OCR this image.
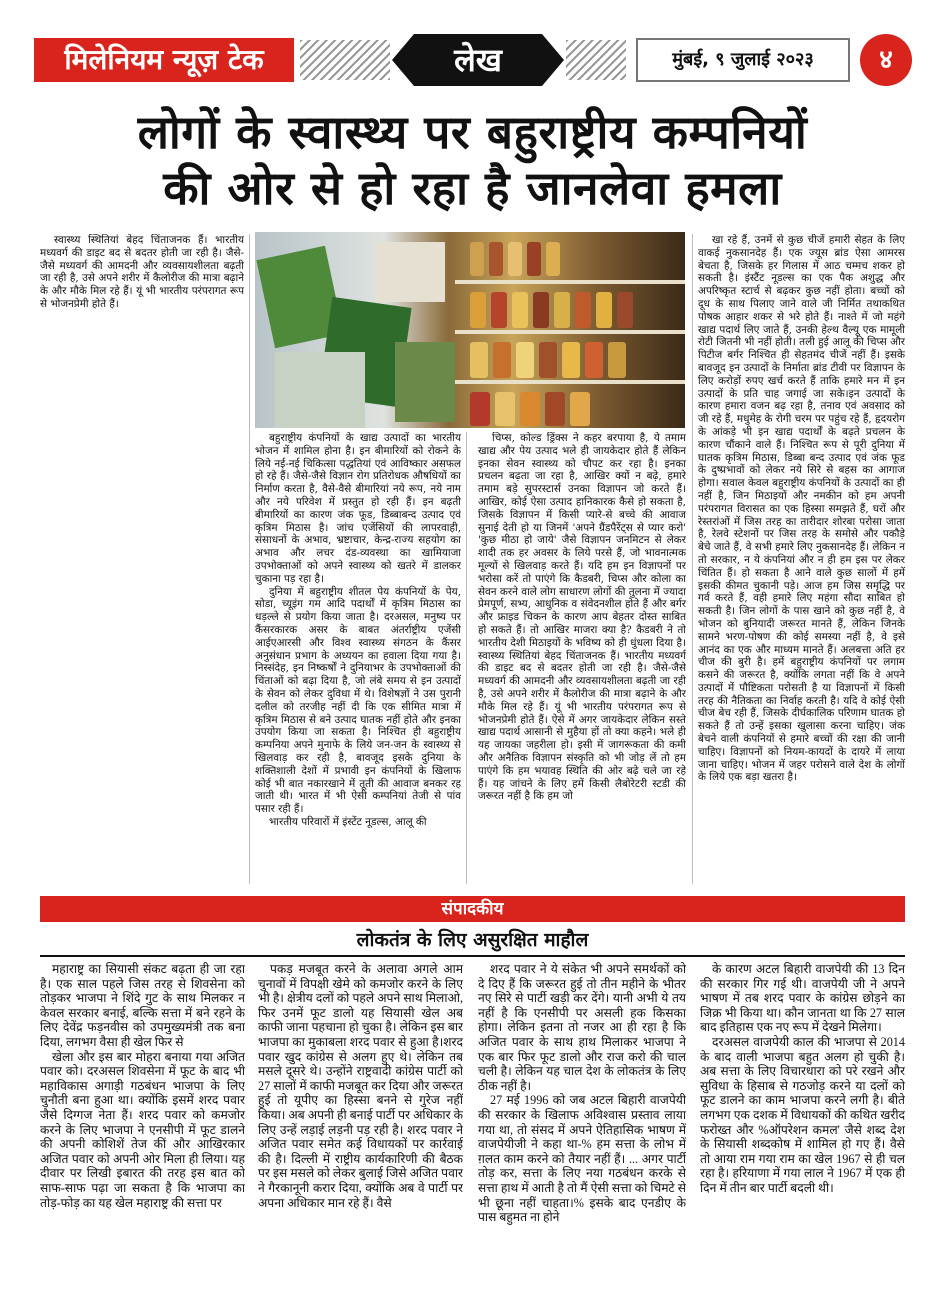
मिलेनियम न्यूज़ टेक	लेख	मुंबई, ९ जुलाई २०२३	४
लोगों के स्वास्थ्य पर बहुराष्ट्रीय कम्पनियों
की ओर से हो रहा है जानलेवा हमला

स्वास्थ्य स्थितियां बेहद चिंताजनक हैं। भारतीय मध्यवर्ग की डाइट बद से बदतर होती जा रही है। जैसे-जैसे मध्यवर्ग की आमदनी और व्यवसायशीलता बढ़ती जा रही है, उसे अपने शरीर में कैलोरीज की मात्रा बढ़ाने के और मौके मिल रहे हैं। यूं भी भारतीय परंपरागत रूप से भोजनप्रेमी होते हैं।

बहुराष्ट्रीय कंपनियों के खाद्य उत्पादों का भारतीय भोजन में शामिल होना है। इन बीमारियों को रोकने के लिये नई-नई चिकित्सा पद्धतियां एवं आविष्कार असफल हो रहे हैं। जैसे-जैसे विज्ञान रोग प्रतिरोधक औषधियों का निर्माण करता है, वैसे-वैसे बीमारियां नये रूप, नये नाम और नये परिवेश में प्रस्तुत हो रही हैं। इन बढ़ती बीमारियों का कारण जंक फूड, डिब्बाबन्द उत्पाद एवं कृत्रिम मिठास है। जांच एजेंसियों की लापरवाही, संसाधनों के अभाव, भ्रष्टाचार, केन्द्र-राज्य सहयोग का अभाव और लचर दंड-व्यवस्था का खामियाजा उपभोक्ताओं को अपने स्वास्थ्य को खतरे में डालकर चुकाना पड़ रहा है।

दुनिया में बहुराष्ट्रीय शीतल पेय कंपनियों के पेय, सोडा, च्यूइंग गम आदि पदार्थों में कृत्रिम मिठास का धड़ल्ले से प्रयोग किया जाता है। दरअसल, मनुष्य पर कैंसरकारक असर के बाबत अंतर्राष्ट्रीय एजेंसी आईएआरसी और विश्व स्वास्थ्य संगठन के कैंसर अनुसंधान प्रभाग के अध्ययन का हवाला दिया गया है। निस्संदेह, इन निष्कर्षों ने दुनियाभर के उपभोक्ताओं की चिंताओं को बढ़ा दिया है, जो लंबे समय से इन उत्पादों के सेवन को लेकर दुविधा में थे। विशेषज्ञों ने उस पुरानी दलील को तरजीह नहीं दी कि एक सीमित मात्रा में कृत्रिम मिठास से बने उत्पाद घातक नहीं होते और इनका उपयोग किया जा सकता है। निश्चित ही बहुराष्ट्रीय कम्पनिया अपने मुनाफे के लिये जन-जन के स्वास्थ्य से खिलवाड़ कर रही है, बावजूद इसके दुनिया के शक्तिशाली देशों में प्रभावी इन कंपनियों के खिलाफ कोई भी बात नकारखाने में तूती की आवाज बनकर रह जाती थी। भारत में भी ऐसी कम्पनियां तेजी से पांव पसार रही हैं।

भारतीय परिवारों में इंस्टेंट नूडल्स, आलू की

चिप्स, कोल्ड ड्रिंक्स ने कहर बरपाया है, ये तमाम खाद्य और पेय उत्पाद भले ही जायकेदार होते हैं लेकिन इनका सेवन स्वास्थ्य को चौपट कर रहा है। इनका प्रचलन बढ़ता जा रहा है, आखिर क्यों न बढ़े, हमारे तमाम बड़े सुपरस्टार्स उनका विज्ञापन जो करते हैं। आखिर, कोई ऐसा उत्पाद हानिकारक कैसे हो सकता है, जिसके विज्ञापन में किसी प्यारे-से बच्चे की आवाज सुनाई देती हो या जिनमें 'अपने ग्रैंडपैरेंट्स से प्यार करो' 'कुछ मीठा हो जाये' जैसे विज्ञापन जनमिटन से लेकर शादी तक हर अवसर के लिये परसे हैं, जो भावनात्मक मूल्यों से खिलवाड़ करते हैं। यदि हम इन विज्ञापनों पर भरोसा करें तो पाएंगे कि कैडबरी, चिप्स और कोला का सेवन करने वाले लोग साधारण लोगों की तुलना में ज्यादा प्रेमपूर्ण, सभ्य, आधुनिक व संवेदनशील होते हैं और बर्गर और फ्राइड चिकन के कारण आप बेहतर दोस्त साबित हो सकते हैं। तो आखिर माजरा क्या है? कैडबरी ने तो भारतीय देशी मिठाइयों के भविष्य को ही धुंधला दिया है।स्वास्थ्य स्थितियां बेहद चिंताजनक हैं। भारतीय मध्यवर्ग की डाइट बद से बदतर होती जा रही है। जैसे-जैसे मध्यवर्ग की आमदनी और व्यवसायशीलता बढ़ती जा रही है, उसे अपने शरीर में कैलोरीज की मात्रा बढ़ाने के और मौके मिल रहे हैं। यूं भी भारतीय परंपरागत रूप से भोजनप्रेमी होते हैं। ऐसे में अगर जायकेदार लेकिन सस्ते खाद्य पदार्थ आसानी से मुहैया हों तो क्या कहने। भले ही यह जायका जहरीला हो। इसी में जागरूकता की कमी और अनैतिक विज्ञापन संस्कृति को भी जोड़ लें तो हम पाएंगे कि हम भयावह स्थिति की ओर बढ़े चले जा रहे हैं। यह जांचने के लिए हमें किसी लैबोरेटरी स्टडी की जरूरत नहीं है कि हम जो

खा रहे हैं, उनमें से कुछ चीजें हमारी सेहत के लिए वाकई नुकसानदेह हैं। एक ज्यूस ब्रांड ऐसा आमरस बेचता है, जिसके हर गिलास में आठ चम्मच शकर हो सकती है। इंस्टैंट नूडल्स का एक पैक अशुद्ध और अपरिष्कृत स्टार्च से बढ़कर कुछ नहीं होता। बच्चों को दूध के साथ पिलाए जाने वाले जी निर्मित तथाकथित पोषक आहार शकर से भरे होते हैं। नाश्ते में जो महंगे खाद्य पदार्थ लिए जाते हैं, उनकी हेल्थ वैल्यू एक मामूली रोटी जितनी भी नहीं होती। तली हुई आलू की चिप्स और पिटीज बर्गर निश्चित ही सेहतमंद चीजें नहीं हैं। इसके बावजूद इन उत्पादों के निर्माता ब्रांड टीवी पर विज्ञापन के लिए करोड़ों रुपए खर्च करते हैं ताकि हमारे मन में इन उत्पादों के प्रति चाह जगाई जा सके।इन उत्पादों के कारण हमारा वजन बढ़ रहा है, तनाव एवं अवसाद को जी रहे हैं, मधुमेह के रोगी चरम पर पहुंच रहे हैं, हृदयरोग के आंकड़े भी इन खाद्य पदार्थों के बढ़ते प्रचलन के कारण चौंकाने वाले हैं। निश्चित रूप से पूरी दुनिया में घातक कृत्रिम मिठास, डिब्बा बन्द उत्पाद एवं जंक फूड के दुष्प्रभावों को लेकर नये सिरे से बहस का आगाज होगा। सवाल केवल बहुराष्ट्रीय कंपनियों के उत्पादों का ही नहीं है, जिन मिठाइयों और नमकीन को हम अपनी परंपरागत विरासत का एक हिस्सा समझते हैं, घरों और रेस्तरांओं में जिस तरह का तारीदार शोरबा परोसा जाता है, रेलवे स्टेशनों पर जिस तरह के समोसे और पकौड़े बेचे जाते हैं, वे सभी हमारे लिए नुकसानदेह हैं। लेकिन न तो सरकार, न ये कंपनियां और न ही हम इस पर लेकर चिंतित हैं। हो सकता है आने वाले कुछ सालों में हमें इसकी कीमत चुकानी पड़े। आज हम जिस समृद्धि पर गर्व करते हैं, वही हमारे लिए महंगा सौदा साबित हो सकती है। जिन लोगों के पास खाने को कुछ नहीं है, वे भोजन को बुनियादी जरूरत मानते हैं, लेकिन जिनके सामने भरण-पोषण की कोई समस्या नहीं है, वे इसे आनंद का एक और माध्यम मानते हैं। अलबत्ता अति हर चीज की बुरी है। हमें बहुराष्ट्रीय कंपनियों पर लगाम कसने की जरूरत है, क्योंकि लगता नहीं कि वे अपने उत्पादों में पौष्टिकता परोसती है या विज्ञापनों में किसी तरह की नैतिकता का निर्वाह करती है। यदि वे कोई ऐसी चीज बेच रही हैं, जिसके दीर्घकालिक परिणाम घातक हो सकते हैं तो उन्हें इसका खुलासा करना चाहिए। जंक बेचने वाली कंपनियों से हमारे बच्चों की रक्षा की जानी चाहिए। विज्ञापनों को नियम-कायदों के दायरे में लाया जाना चाहिए। भोजन में जहर परोसने वाले देश के लोगों के लिये एक बड़ा खतरा है।

संपादकीय
लोकतंत्र के लिए असुरक्षित माहौल

महाराष्ट्र का सियासी संकट बढ़ता ही जा रहा है। एक साल पहले जिस तरह से शिवसेना को तोड़कर भाजपा ने शिंदे गुट के साथ मिलकर न केवल सरकार बनाई, बल्कि सत्ता में बने रहने के लिए देवेंद्र फड़नवीस को उपमुख्यमंत्री तक बना दिया, लगभग वैसा ही खेल फिर से

खेला और इस बार मोहरा बनाया गया अजित पवार को। दरअसल शिवसेना में फूट के बाद भी महाविकास अगाड़ी गठबंधन भाजपा के लिए चुनौती बना हुआ था। क्योंकि इसमें शरद पवार जैसे दिग्गज नेता हैं। शरद पवार को कमजोर करने के लिए भाजपा ने एनसीपी में फूट डालने की अपनी कोशिशें तेज कीं और आखिरकार अजित पवार को अपनी ओर मिला ही लिया। यह दीवार पर लिखी इबारत की तरह इस बात को साफ-साफ पढ़ा जा सकता है कि भाजपा का तोड़-फोड़ का यह खेल महाराष्ट्र की सत्ता पर

पकड़ मजबूत करने के अलावा अगले आम चुनावों में विपक्षी खेमे को कमजोर करने के लिए भी है। क्षेत्रीय दलों को पहले अपने साथ मिलाओ, फिर उनमें फूट डालो यह सियासी खेल अब काफी जाना पहचाना हो चुका है। लेकिन इस बार भाजपा का मुकाबला शरद पवार से हुआ है।शरद पवार खुद कांग्रेस से अलग हुए थे। लेकिन तब मसले दूसरे थे। उन्होंने राष्ट्रवादी कांग्रेस पार्टी को 27 सालों में काफी मजबूत कर दिया और जरूरत हुई तो यूपीए का हिस्सा बनने से गुरेज नहीं किया। अब अपनी ही बनाई पार्टी पर अधिकार के लिए उन्हें लड़ाई लड़नी पड़ रही है। शरद पवार ने अजित पवार समेत कई विधायकों पर कार्रवाई की है। दिल्ली में राष्ट्रीय कार्यकारिणी की बैठक पर इस मसले को लेकर बुलाई जिसे अजित पवार ने गैरकानूनी करार दिया, क्योंकि अब वे पार्टी पर अपना अधिकार मान रहे हैं। वैसे

शरद पवार ने ये संकेत भी अपने समर्थकों को दे दिए हैं कि जरूरत हुई तो तीन महीने के भीतर नए सिरे से पार्टी खड़ी कर देंगे। यानी अभी ये तय नहीं है कि एनसीपी पर असली हक किसका होगा। लेकिन इतना तो नजर आ ही रहा है कि अजित पवार के साथ हाथ मिलाकर भाजपा ने एक बार फिर फूट डालो और राज करो की चाल चली है। लेकिन यह चाल देश के लोकतंत्र के लिए ठीक नहीं है।

27 मई 1996 को जब अटल बिहारी वाजपेयी की सरकार के खिलाफ अविश्वास प्रस्ताव लाया गया था, तो संसद में अपने ऐतिहासिक भाषण में वाजपेयीजी ने कहा था-% हम सत्ता के लोभ में ग़लत काम करने को तैयार नहीं हैं। ... अगर पार्टी तोड़ कर, सत्ता के लिए नया गठबंधन करके से सत्ता हाथ में आती है तो मैं ऐसी सत्ता को चिमटे से भी छूना नहीं चाहता।% इसके बाद एनडीए के पास बहुमत ना होने

के कारण अटल बिहारी वाजपेयी की 13 दिन की सरकार गिर गई थी। वाजपेयी जी ने अपने भाषण में तब शरद पवार के कांग्रेस छोड़ने का जिक्र भी किया था। कौन जानता था कि 27 साल बाद इतिहास एक नए रूप में देखने मिलेगा।

दरअसल वाजपेयी काल की भाजपा से 2014 के बाद वाली भाजपा बहुत अलग हो चुकी है। अब सत्ता के लिए विचारधारा को परे रखने और सुविधा के हिसाब से गठजोड़ करने या दलों को फूट डालने का काम भाजपा करने लगी है। बीते लगभग एक दशक में विधायकों की कथित खरीद फरोख्त और %ऑपरेशन कमल' जैसे शब्द देश के सियासी शब्दकोष में शामिल हो गए हैं। वैसे तो आया राम गया राम का खेल 1967 से ही चल रहा है। हरियाणा में गया लाल ने 1967 में एक ही दिन में तीन बार पार्टी बदली थी।
